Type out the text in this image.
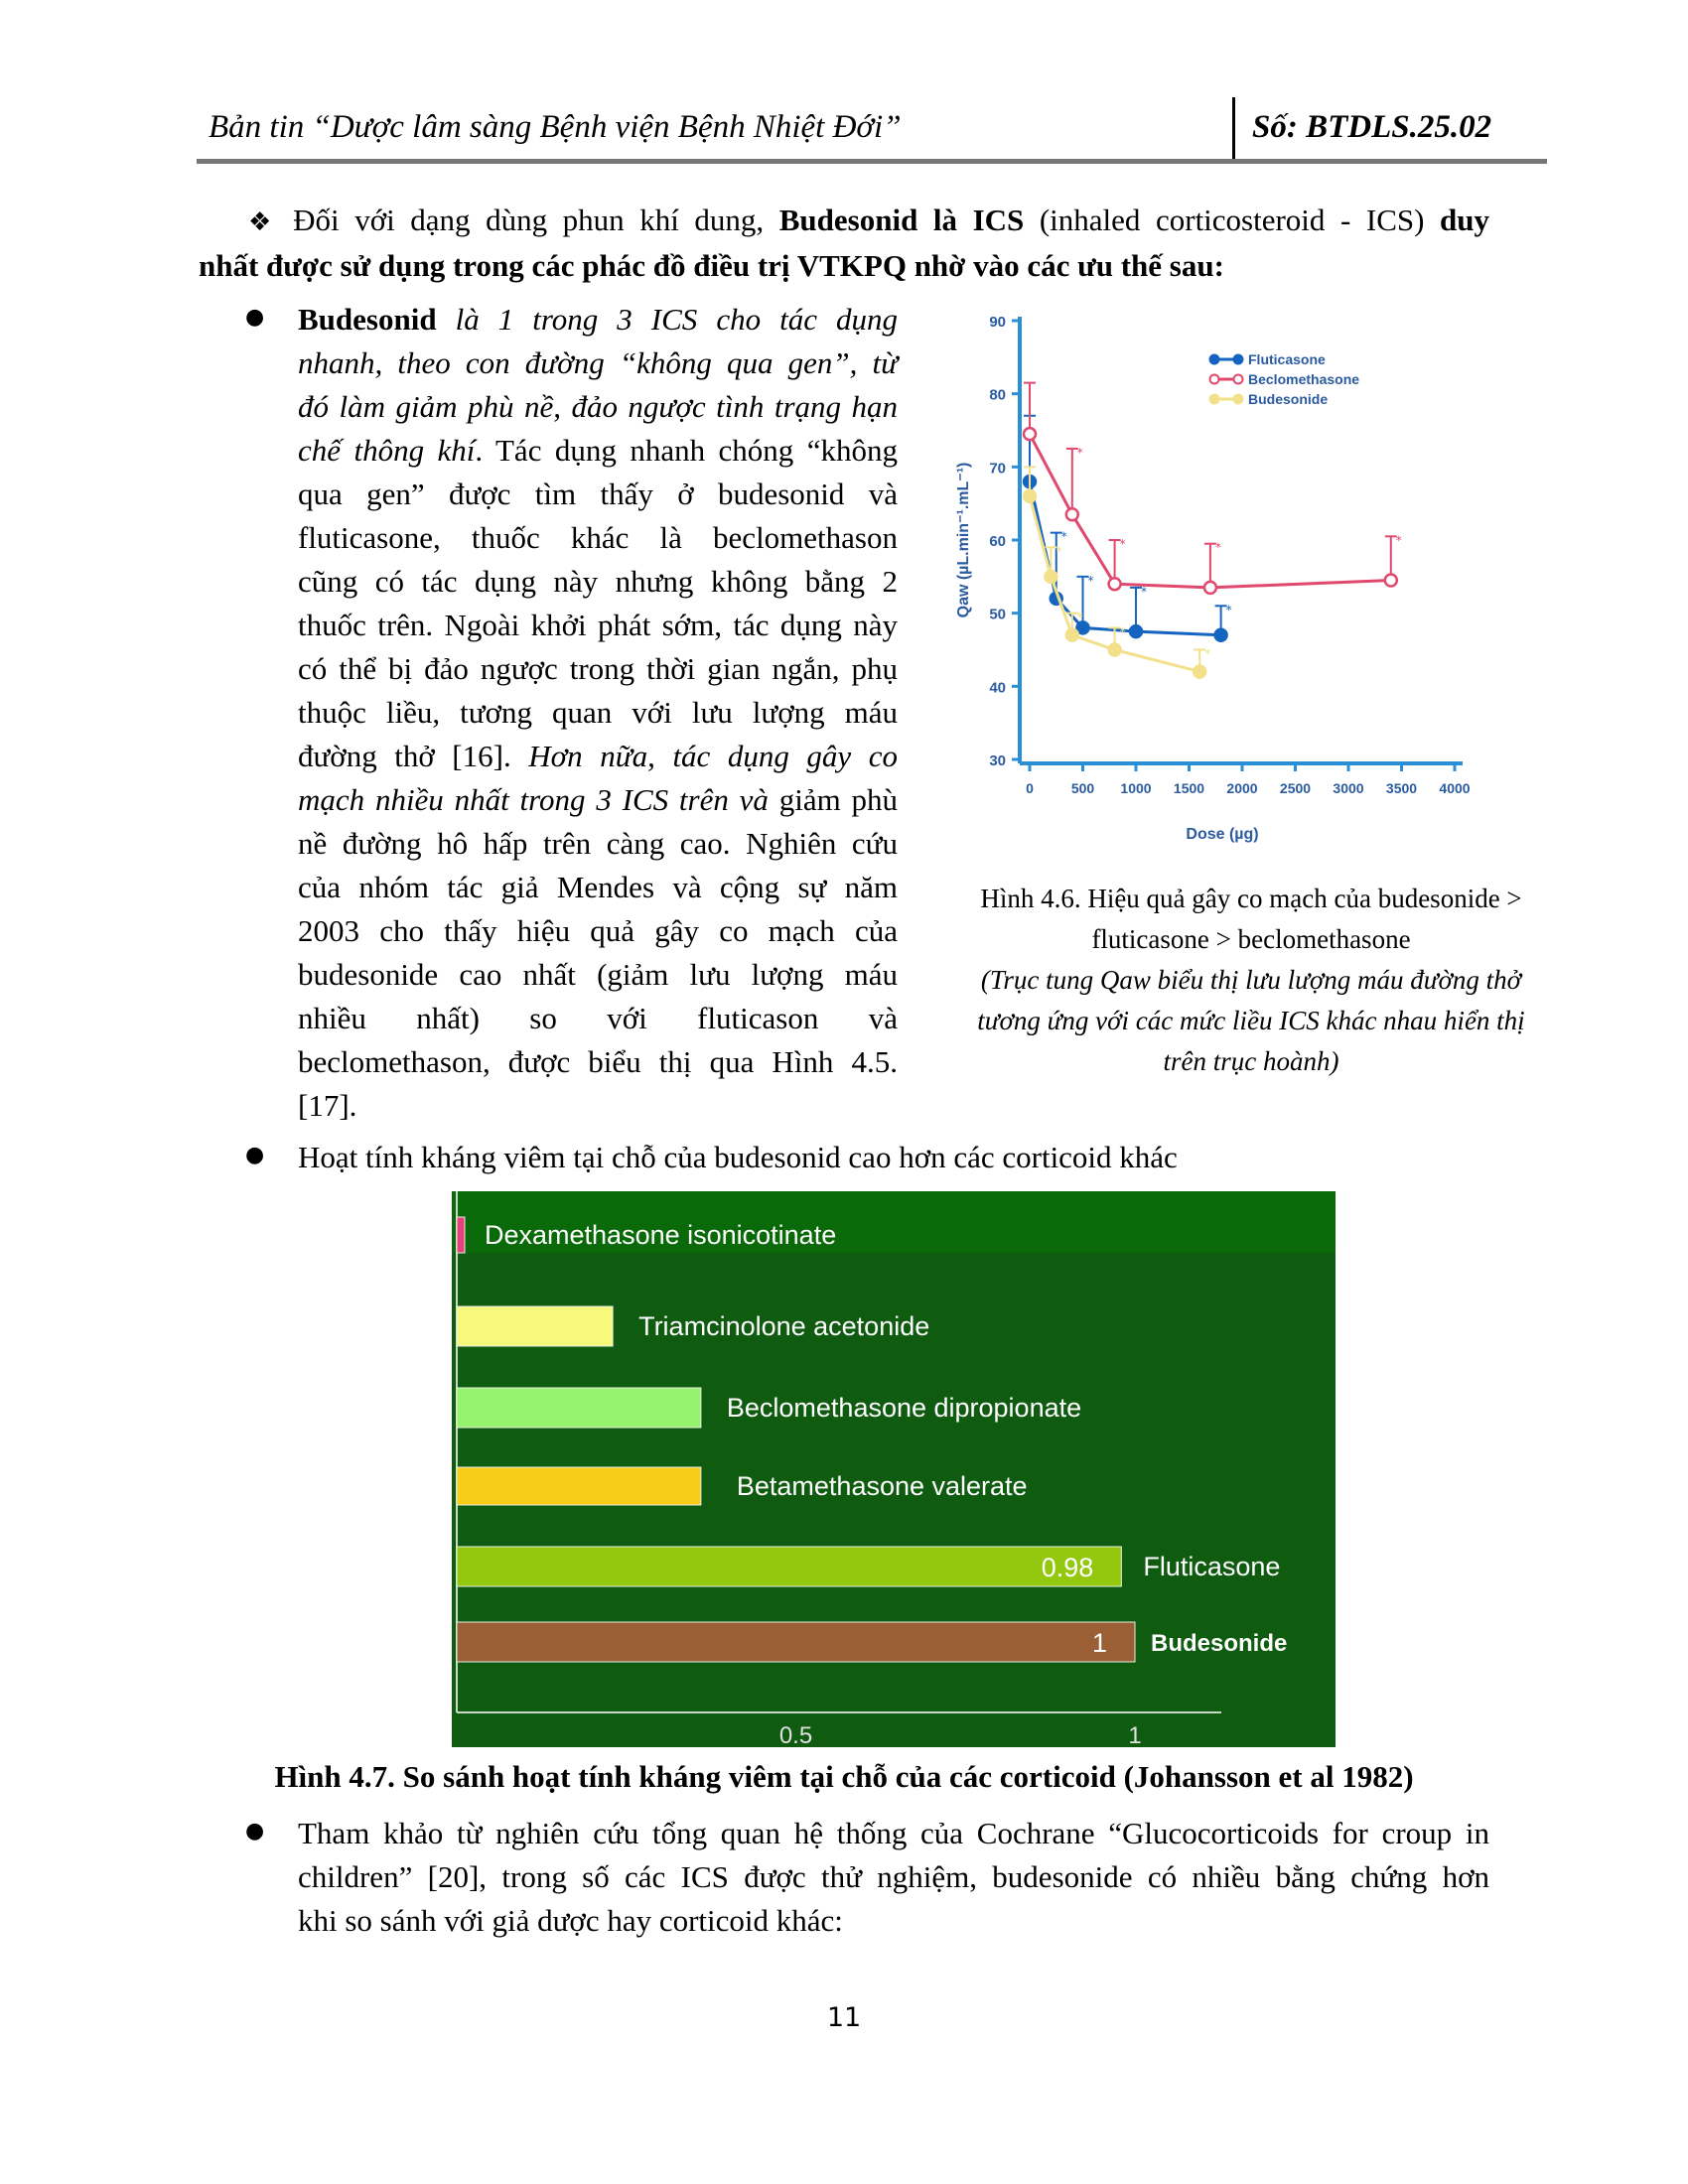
Bản tin “Dược lâm sàng Bệnh viện Bệnh Nhiệt Đới”	Số: BTDLS.25.02
❖ Đối với dạng dùng phun khí dung, Budesonid là ICS (inhaled corticosteroid - ICS) duy
nhất được sử dụng trong các phác đồ điều trị VTKPQ nhờ vào các ưu thế sau:
● Budesonid là 1 trong 3 ICS cho tác dụng
nhanh, theo con đường “không qua gen”, từ
đó làm giảm phù nề, đảo ngược tình trạng hạn
chế thông khí. Tác dụng nhanh chóng “không
qua gen” được tìm thấy ở budesonid và
fluticasone, thuốc khác là beclomethason
cũng có tác dụng này nhưng không bằng 2
thuốc trên. Ngoài khởi phát sớm, tác dụng này
có thể bị đảo ngược trong thời gian ngắn, phụ
thuộc liều, tương quan với lưu lượng máu
đường thở [16]. Hơn nữa, tác dụng gây co
mạch nhiều nhất trong 3 ICS trên và giảm phù
nề đường hô hấp trên càng cao. Nghiên cứu
của nhóm tác giả Mendes và cộng sự năm
2003 cho thấy hiệu quả gây co mạch của
budesonide cao nhất (giảm lưu lượng máu
nhiều nhất) so với fluticason và
beclomethason, được biểu thị qua Hình 4.5.
[17].
30
40
50
60
70
80
90
0	500 1000 1500 2000 2500 3000 3500 4000
Dose (µg)
Qaw (µL.min⁻¹.mL⁻¹)	*
*
*
*
Fluticasone
*
*	*
*
Beclomethasone
*
*
*
*
Budesonide
Hình 4.6. Hiệu quả gây co mạch của budesonide >
fluticasone > beclomethasone
(Trục tung Qaw biểu thị lưu lượng máu đường thở
tương ứng với các mức liều ICS khác nhau hiển thị
trên trục hoành)
● Hoạt tính kháng viêm tại chỗ của budesonid cao hơn các corticoid khác
Dexamethasone isonicotinate
Triamcinolone acetonide
Beclomethasone dipropionate
Betamethasone valerate
Fluticasone
0.98
Budesonide
1
0.5	1
Hình 4.7. So sánh hoạt tính kháng viêm tại chỗ của các corticoid (Johansson et al 1982)
● Tham khảo từ nghiên cứu tổng quan hệ thống của Cochrane “Glucocorticoids for croup in
children” [20], trong số các ICS được thử nghiệm, budesonide có nhiều bằng chứng hơn
khi so sánh với giả dược hay corticoid khác:
11
